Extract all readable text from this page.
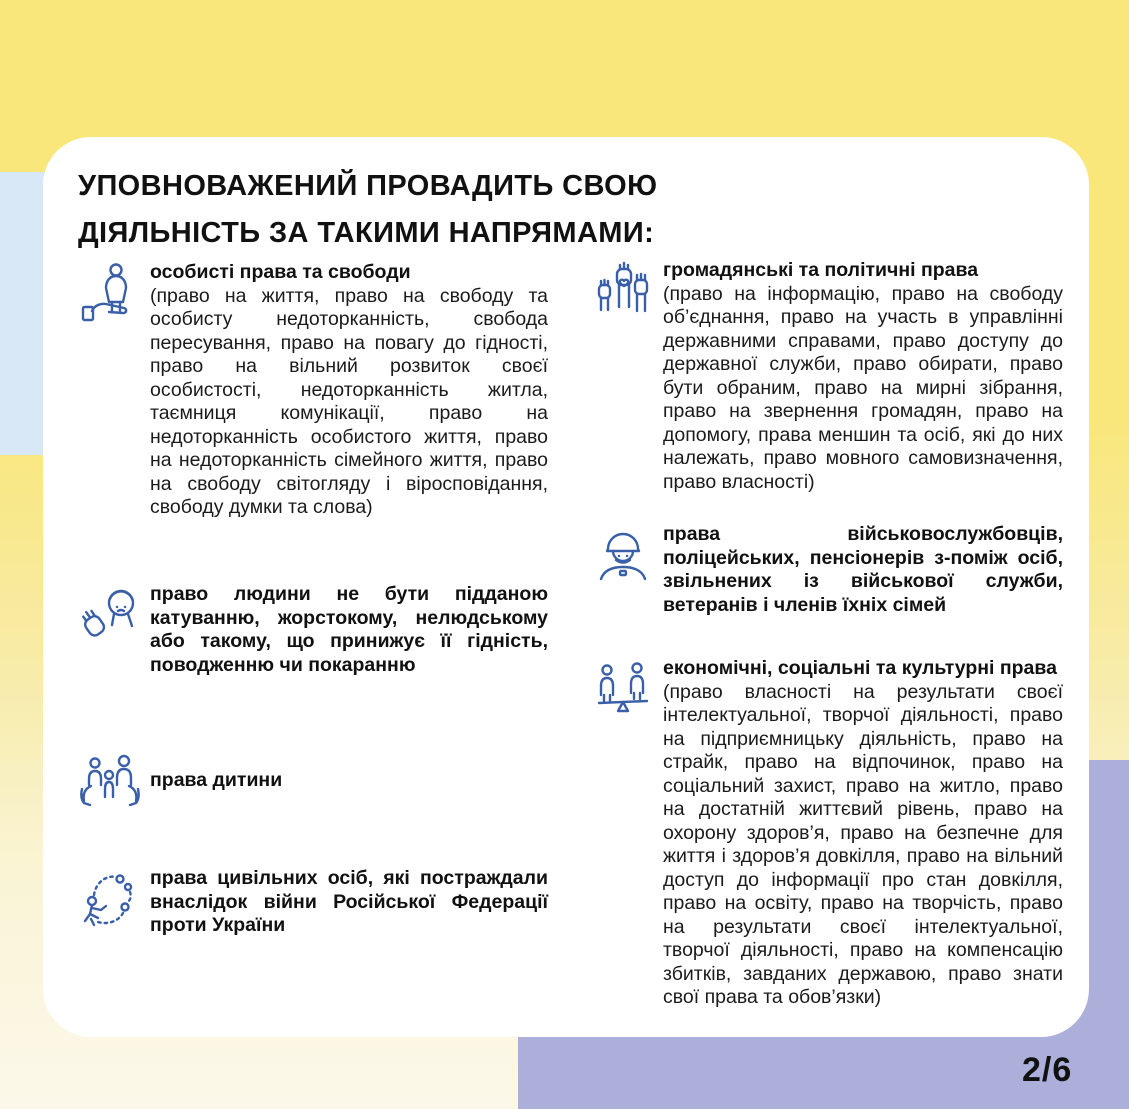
УПОВНОВАЖЕНИЙ ПРОВАДИТЬ СВОЮ
ДІЯЛЬНІСТЬ ЗА ТАКИМИ НАПРЯМАМИ:
особисті права та свободи
(право на життя, право на свободу та особисту недоторканність, свобода пересування, право на повагу до гідності, право на вільний розвиток своєї особистості, недоторканність житла, таємниця комунікації, право на недоторканність особистого життя, право на недоторканність сімейного життя, право на свободу світогляду і віросповідання, свободу думки та слова)
право людини не бути підданою катуванню, жорстокому, нелюдському або такому, що принижує її гідність, поводженню чи покаранню
права дитини
права цивільних осіб, які постраждали внаслідок війни Російської Федерації проти України
громадянські та політичні права
(право на інформацію, право на свободу об’єднання, право на участь в управлінні державними справами, право доступу до державної служби, право обирати, право бути обраним, право на мирні зібрання, право на звернення громадян, право на допомогу, права меншин та осіб, які до них належать, право мовного самовизначення, право власності)
права військовослужбовців, поліцейських, пенсіонерів з-поміж осіб, звільнених із військової служби, ветеранів і членів їхніх сімей
економічні, соціальні та культурні права
(право власності на результати своєї інтелектуальної, творчої діяльності, право на підприємницьку діяльність, право на страйк, право на відпочинок, право на соціальний захист, право на житло, право на достатній життєвий рівень, право на охорону здоров’я, право на безпечне для життя і здоров’я довкілля, право на вільний доступ до інформації про стан довкілля, право на освіту, право на творчість, право на результати своєї інтелектуальної, творчої діяльності, право на компенсацію збитків, завданих державою, право знати свої права та обов’язки)
2/6
